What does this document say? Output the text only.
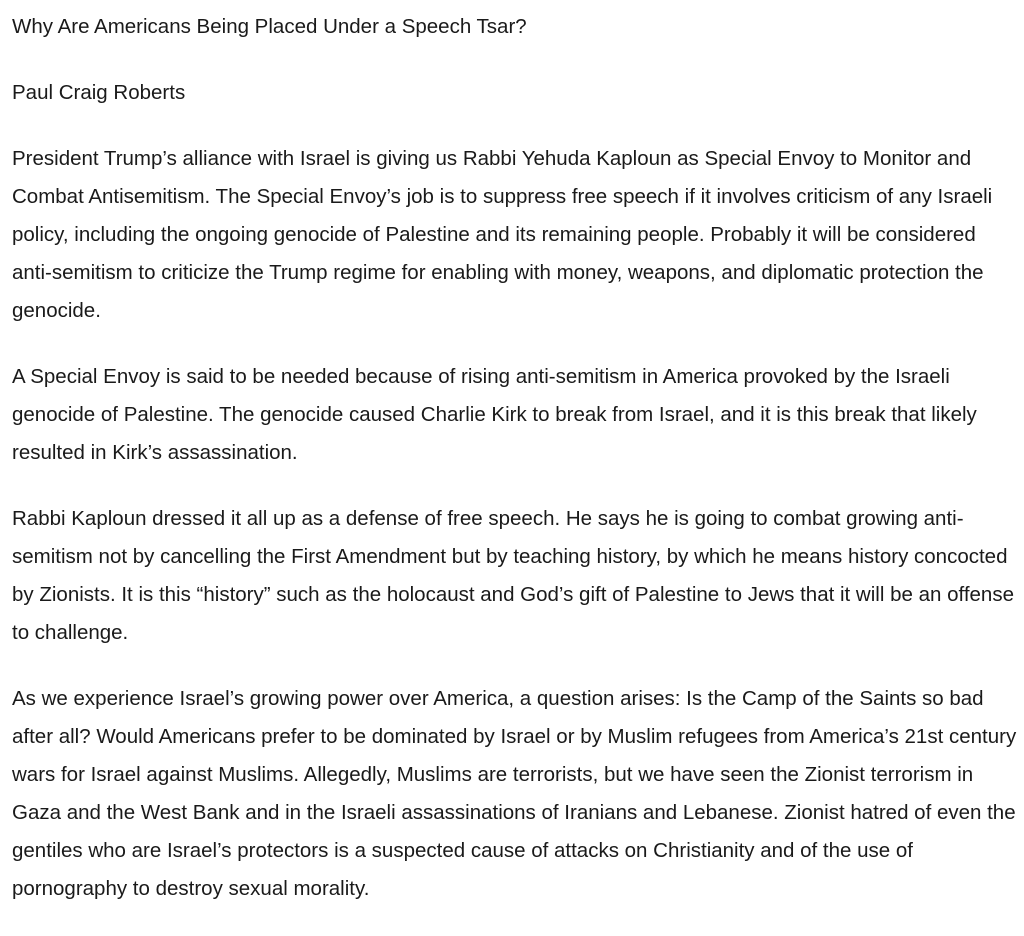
Why Are Americans Being Placed Under a Speech Tsar?

Paul Craig Roberts

President Trump’s alliance with Israel is giving us Rabbi Yehuda Kaploun as Special Envoy to Monitor and Combat Antisemitism. The Special Envoy’s job is to suppress free speech if it involves criticism of any Israeli policy, including the ongoing genocide of Palestine and its remaining people. Probably it will be considered anti-semitism to criticize the Trump regime for enabling with money, weapons, and diplomatic protection the genocide.

A Special Envoy is said to be needed because of rising anti-semitism in America provoked by the Israeli genocide of Palestine. The genocide caused Charlie Kirk to break from Israel, and it is this break that likely resulted in Kirk’s assassination.

Rabbi Kaploun dressed it all up as a defense of free speech. He says he is going to combat growing anti-semitism not by cancelling the First Amendment but by teaching history, by which he means history concocted by Zionists. It is this “history” such as the holocaust and God’s gift of Palestine to Jews that it will be an offense to challenge.

As we experience Israel’s growing power over America, a question arises: Is the Camp of the Saints so bad after all? Would Americans prefer to be dominated by Israel or by Muslim refugees from America’s 21st century wars for Israel against Muslims. Allegedly, Muslims are terrorists, but we have seen the Zionist terrorism in Gaza and the West Bank and in the Israeli assassinations of Iranians and Lebanese. Zionist hatred of even the gentiles who are Israel’s protectors is a suspected cause of attacks on Christianity and of the use of pornography to destroy sexual morality.
